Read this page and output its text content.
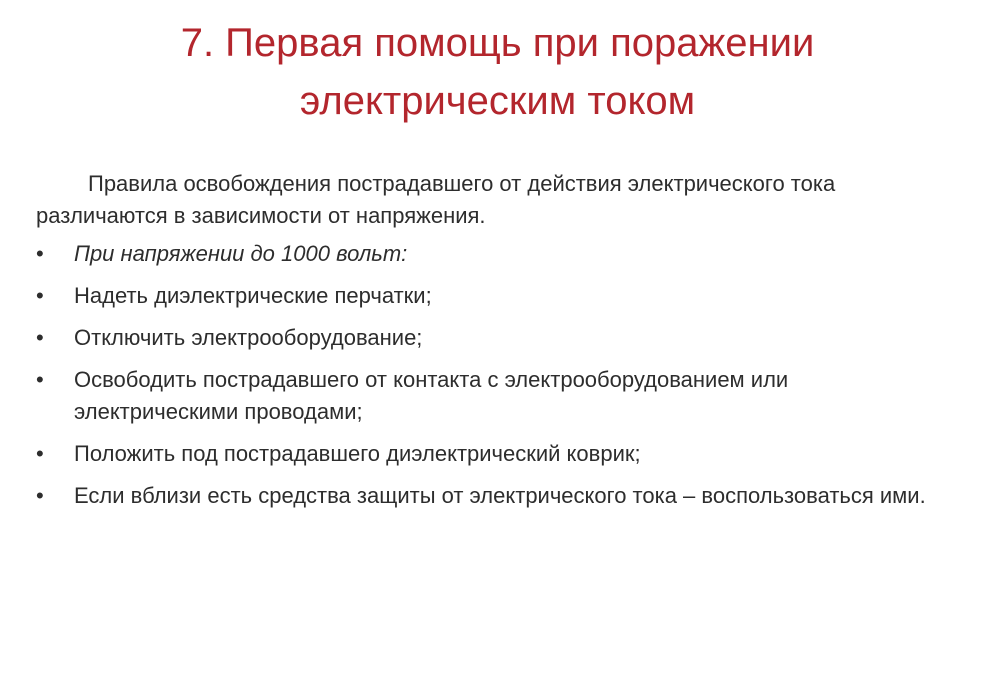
7. Первая помощь при поражении
электрическим током

Правила освобождения пострадавшего от действия электрического тока различаются в зависимости от напряжения.

•	При напряжении до 1000 вольт:
•	Надеть диэлектрические перчатки;
•	Отключить электрооборудование;
•	Освободить пострадавшего от контакта с электрооборудованием или электрическими проводами;
•	Положить под пострадавшего диэлектрический коврик;
•	Если вблизи есть средства защиты от электрического тока – воспользоваться ими.
